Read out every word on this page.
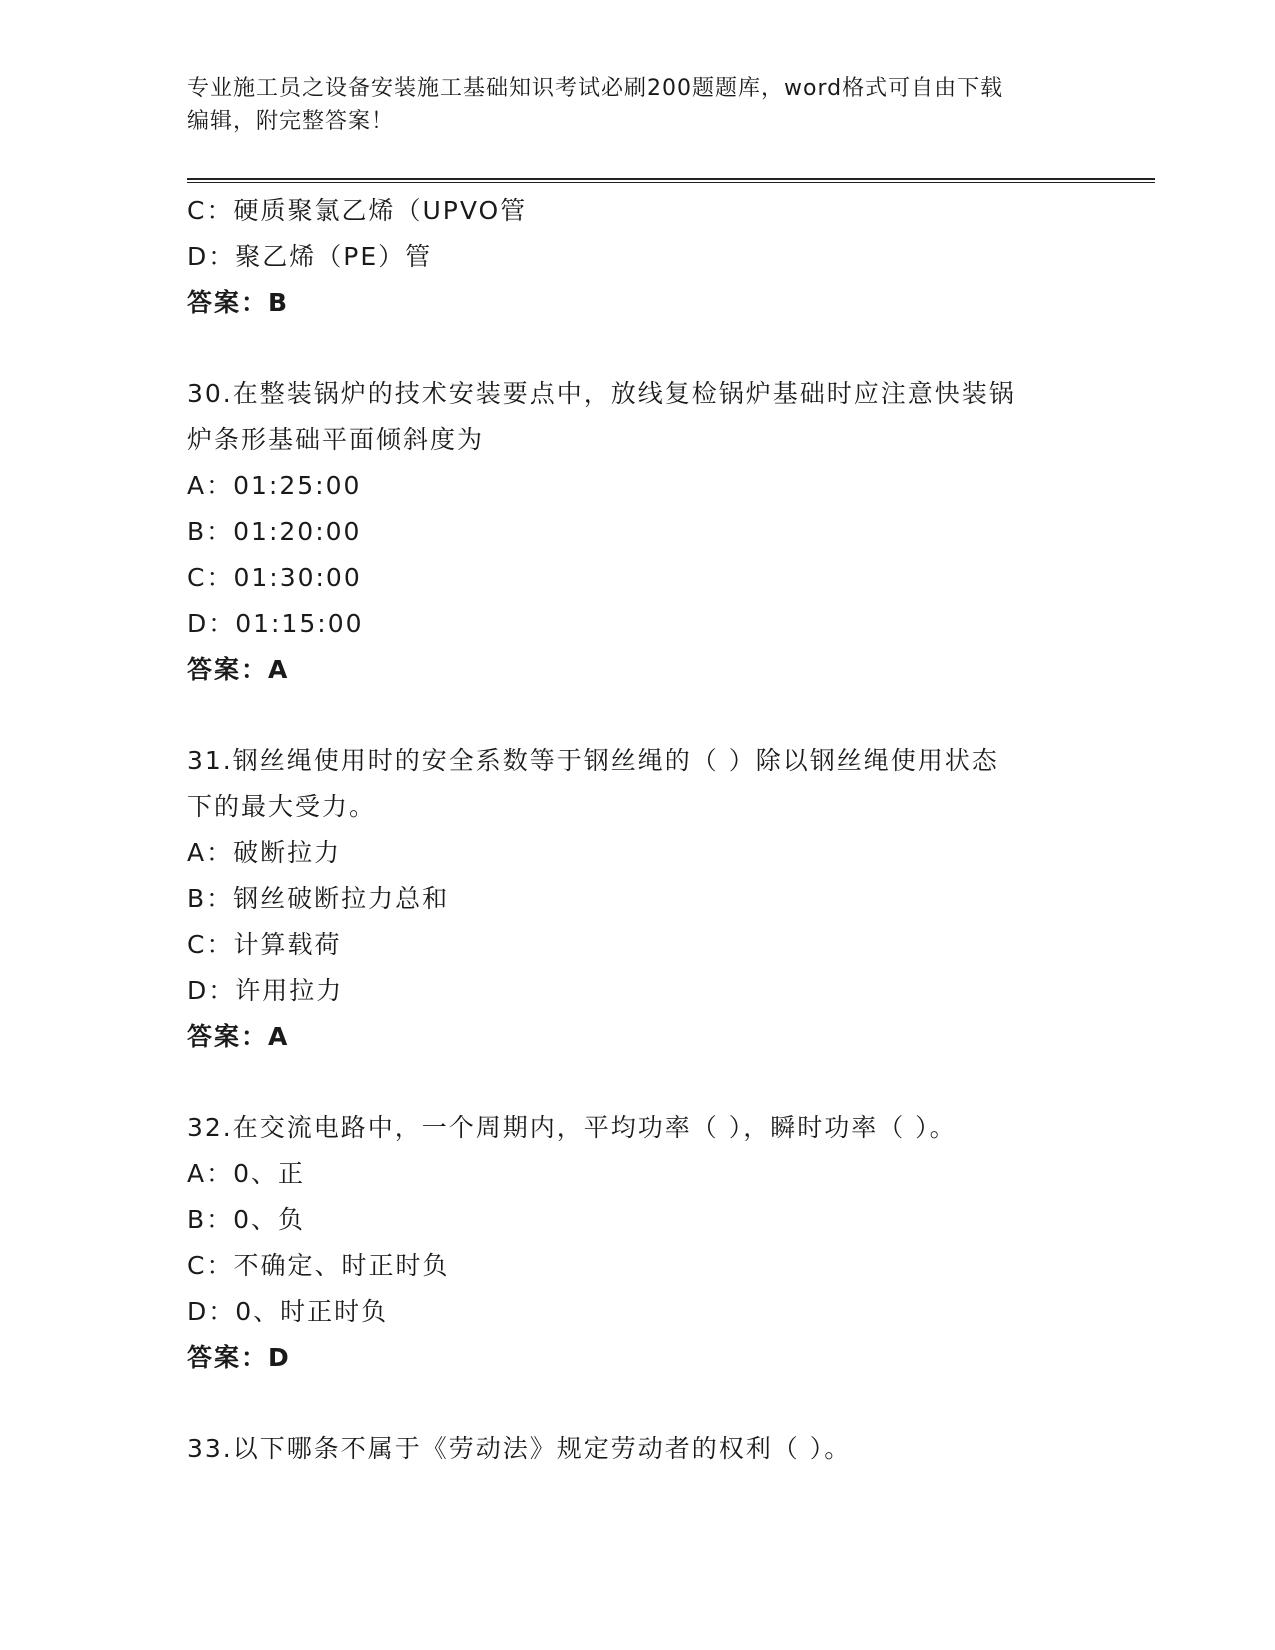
专业施工员之设备安装施工基础知识考试必刷200题题库，word格式可自由下载
编辑，附完整答案！
C：硬质聚氯乙烯（UPVO管
D：聚乙烯（PE）管
答案：B
30.在整装锅炉的技术安装要点中，放线复检锅炉基础时应注意快装锅
炉条形基础平面倾斜度为
A：01:25:00
B：01:20:00
C：01:30:00
D：01:15:00
答案：A
31.钢丝绳使用时的安全系数等于钢丝绳的（ ）除以钢丝绳使用状态
下的最大受力。
A：破断拉力
B：钢丝破断拉力总和
C：计算载荷
D：许用拉力
答案：A
32.在交流电路中，一个周期内，平均功率（ ），瞬时功率（ ）。
A：0、正
B：0、负
C：不确定、时正时负
D：0、时正时负
答案：D
33.以下哪条不属于《劳动法》规定劳动者的权利（ ）。
